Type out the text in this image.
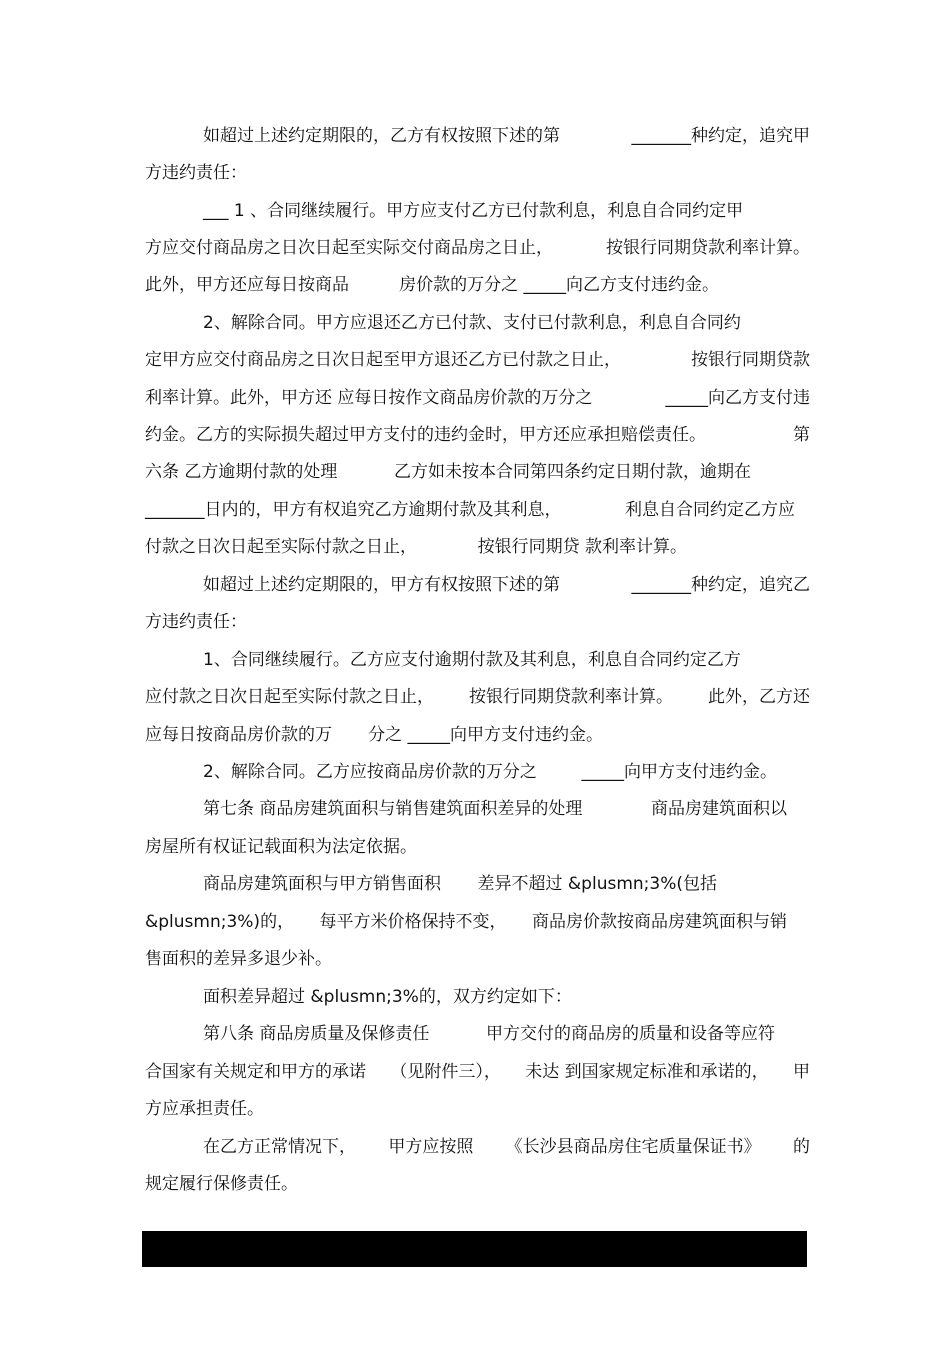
如超过上述约定期限的，乙方有权按照下述的第	_______种约定，追究甲
方违约责任：
___ 1 、合同继续履行。甲方应支付乙方已付款利息，利息自合同约定甲
方应交付商品房之日次日起至实际交付商品房之日止，	按银行同期贷款利率计算。
此外，甲方还应每日按商品	房价款的万分之 _____向乙方支付违约金。
2、解除合同。甲方应退还乙方已付款、支付已付款利息，利息自合同约
定甲方应交付商品房之日次日起至甲方退还乙方已付款之日止，	按银行同期贷款
利率计算。此外，甲方还 应每日按作文商品房价款的万分之	_____向乙方支付违
约金。乙方的实际损失超过甲方支付的违约金时，甲方还应承担赔偿责任。	第
六条 乙方逾期付款的处理	乙方如未按本合同第四条约定日期付款，逾期在
_______日内的，甲方有权追究乙方逾期付款及其利息，	利息自合同约定乙方应
付款之日次日起至实际付款之日止，	按银行同期贷 款利率计算。
如超过上述约定期限的，甲方有权按照下述的第	_______种约定，追究乙
方违约责任：
1、合同继续履行。乙方应支付逾期付款及其利息，利息自合同约定乙方
应付款之日次日起至实际付款之日止， 按银行同期贷款利率计算。 此外，乙方还
应每日按商品房价款的万 分之 _____向甲方支付违约金。
2、解除合同。乙方应按商品房价款的万分之	_____向甲方支付违约金。
第七条 商品房建筑面积与销售建筑面积差异的处理	商品房建筑面积以
房屋所有权证记载面积为法定依据。
商品房建筑面积与甲方销售面积 差异不超过 &plusmn;3%(包括
&plusmn;3%)的， 每平方米价格保持不变， 商品房价款按商品房建筑面积与销
售面积的差异多退少补。
面积差异超过 &plusmn;3%的，双方约定如下：
第八条 商品房质量及保修责任	甲方交付的商品房的质量和设备等应符
合国家有关规定和甲方的承诺 （见附件三）， 未达 到国家规定标准和承诺的， 甲
方应承担责任。
在乙方正常情况下， 甲方应按照 《长沙县商品房住宅质量保证书》 的
规定履行保修责任。
